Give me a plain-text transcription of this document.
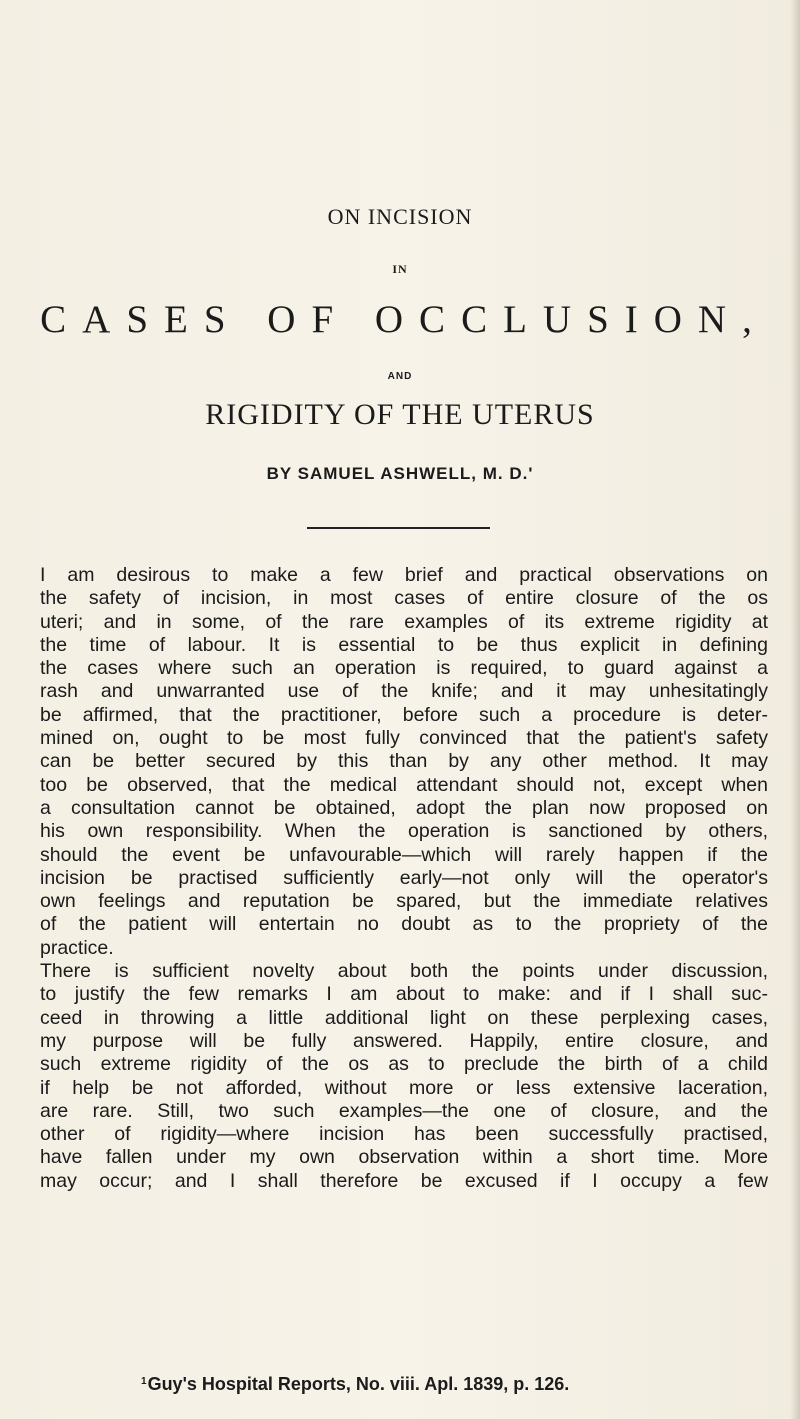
ON INCISION
IN
CASES OF OCCLUSION,
AND
RIGIDITY OF THE UTERUS
BY SAMUEL ASHWELL, M. D.'
I am desirous to make a few brief and practical observations on
the safety of incision, in most cases of entire closure of the os
uteri; and in some, of the rare examples of its extreme rigidity at
the time of labour. It is essential to be thus explicit in defining
the cases where such an operation is required, to guard against a
rash and unwarranted use of the knife; and it may unhesitatingly
be affirmed, that the practitioner, before such a procedure is deter-
mined on, ought to be most fully convinced that the patient's safety
can be better secured by this than by any other method. It may
too be observed, that the medical attendant should not, except when
a consultation cannot be obtained, adopt the plan now proposed on
his own responsibility. When the operation is sanctioned by others,
should the event be unfavourable—which will rarely happen if the
incision be practised sufficiently early—not only will the operator's
own feelings and reputation be spared, but the immediate relatives
of the patient will entertain no doubt as to the propriety of the
practice.
There is sufficient novelty about both the points under discussion,
to justify the few remarks I am about to make: and if I shall suc-
ceed in throwing a little additional light on these perplexing cases,
my purpose will be fully answered. Happily, entire closure, and
such extreme rigidity of the os as to preclude the birth of a child
if help be not afforded, without more or less extensive laceration,
are rare. Still, two such examples—the one of closure, and the
other of rigidity—where incision has been successfully practised,
have fallen under my own observation within a short time. More
may occur; and I shall therefore be excused if I occupy a few
$^1$Guy's Hospital Reports, No. viii. Apl. 1839, p. 126.
